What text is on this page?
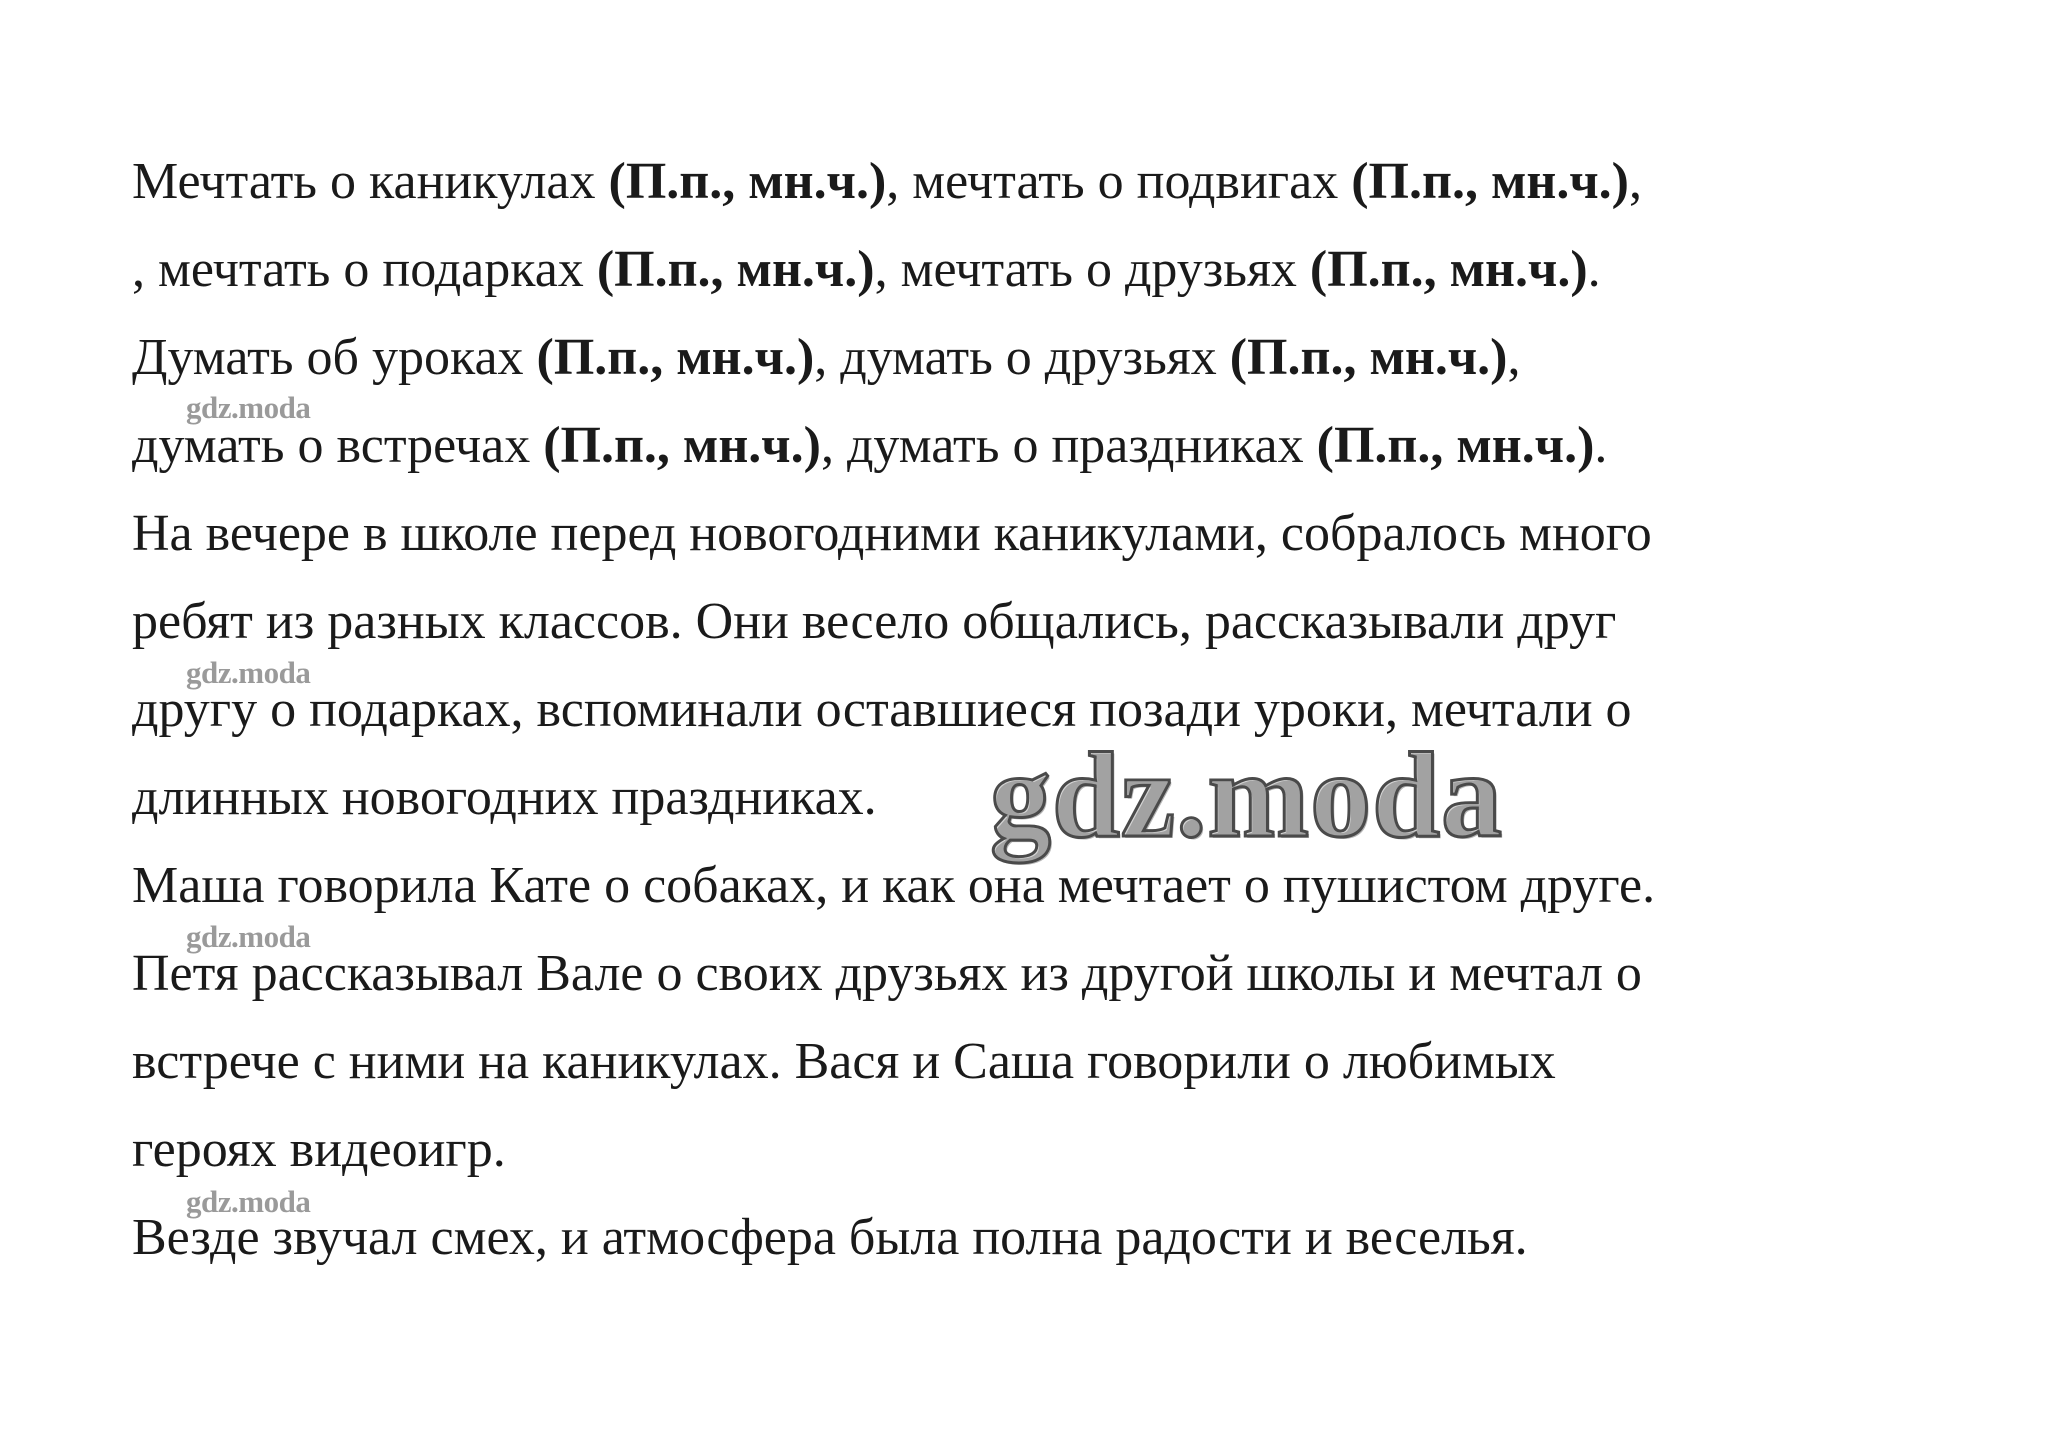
Мечтать о каникулах (П.п., мн.ч.), мечтать о подвигах (П.п., мн.ч.),
, мечтать о подарках (П.п., мн.ч.), мечтать о друзьях (П.п., мн.ч.).
Думать об уроках (П.п., мн.ч.), думать о друзьях (П.п., мн.ч.),
думать о встречах (П.п., мн.ч.), думать о праздниках (П.п., мн.ч.).
На вечере в школе перед новогодними каникулами, собралось много
ребят из разных классов. Они весело общались, рассказывали друг
другу о подарках, вспоминали оставшиеся позади уроки, мечтали о
длинных новогодних праздниках.
Маша говорила Кате о собаках, и как она мечтает о пушистом друге.
Петя рассказывал Вале о своих друзьях из другой школы и мечтал о
встрече с ними на каникулах. Вася и Саша говорили о любимых
героях видеоигр.
Везде звучал смех, и атмосфера была полна радости и веселья.
gdz.moda
gdz.moda
gdz.moda
gdz.moda
gdz.moda
